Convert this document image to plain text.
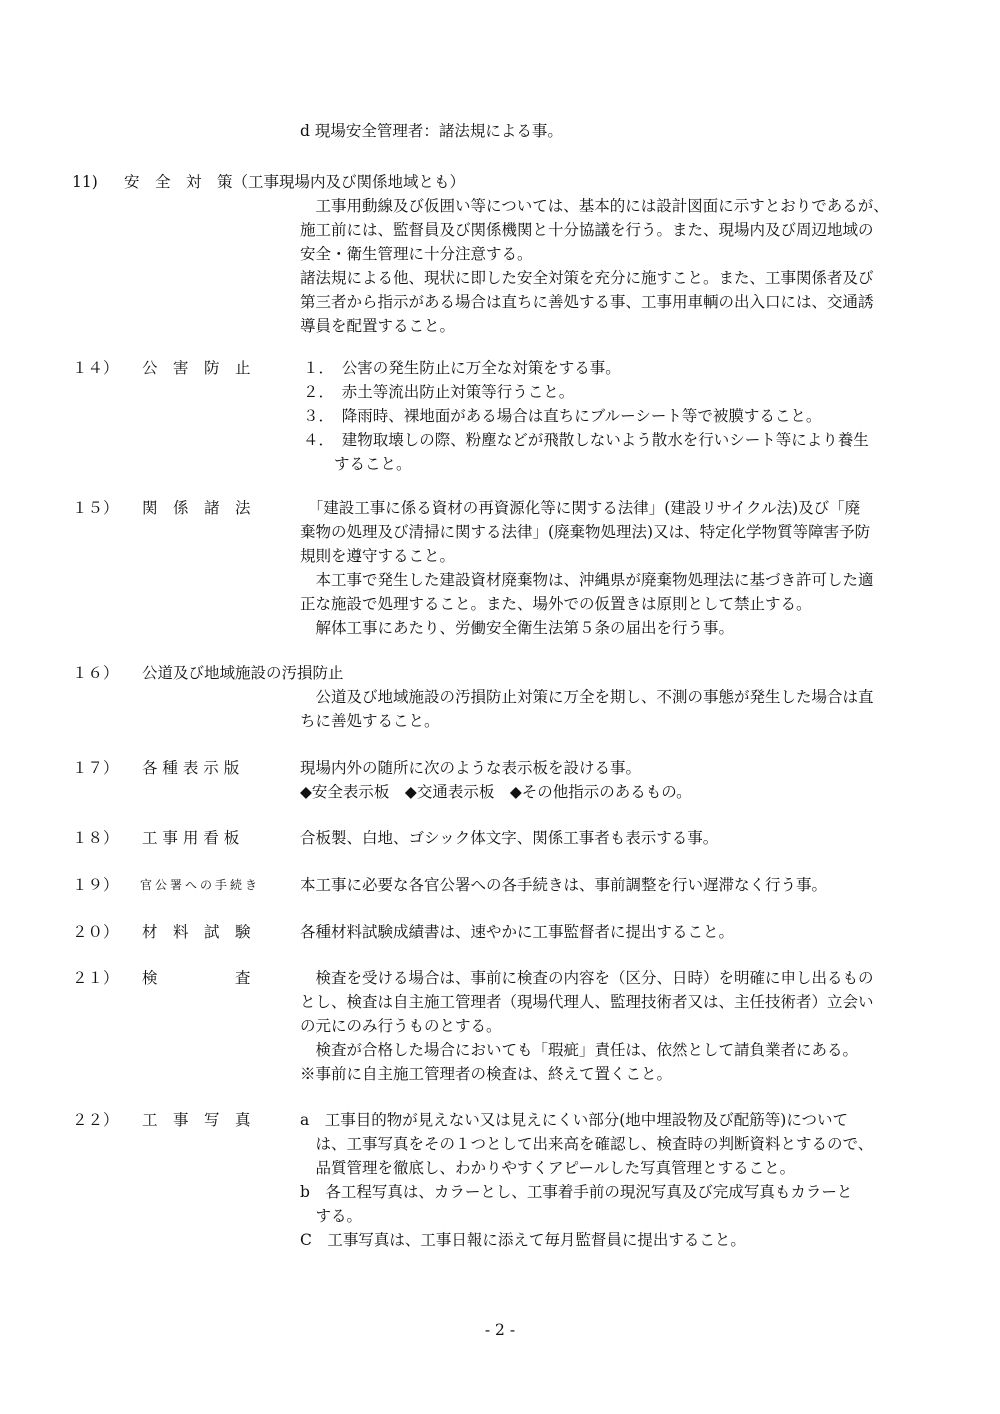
d 現場安全管理者：諸法規による事。
11) 安　全　対　策（工事現場内及び関係地域とも）
　工事用動線及び仮囲い等については、基本的には設計図面に示すとおりであるが、
施工前には、監督員及び関係機関と十分協議を行う。また、現場内及び周辺地域の
安全・衛生管理に十分注意する。
諸法規による他、現状に即した安全対策を充分に施すこと。また、工事関係者及び
第三者から指示がある場合は直ちに善処する事、工事用車輌の出入口には、交通誘
導員を配置すること。
１４） 公　害　防　止	１．　公害の発生防止に万全な対策をする事。
２．　赤土等流出防止対策等行うこと。
３．　降雨時、裸地面がある場合は直ちにブルーシート等で被膜すること。
４．　建物取壊しの際、粉塵などが飛散しないよう散水を行いシート等により養生
　　すること。
１５） 関　係　諸　法	　「建設工事に係る資材の再資源化等に関する法律」(建設リサイクル法)及び「廃
棄物の処理及び清掃に関する法律」(廃棄物処理法)又は、特定化学物質等障害予防
規則を遵守すること。
　本工事で発生した建設資材廃棄物は、沖縄県が廃棄物処理法に基づき許可した適
正な施設で処理すること。また、場外での仮置きは原則として禁止する。
　解体工事にあたり、労働安全衛生法第５条の届出を行う事。
１６） 公道及び地域施設の汚損防止
　公道及び地域施設の汚損防止対策に万全を期し、不測の事態が発生した場合は直
ちに善処すること。
１７） 各 種 表 示 版	現場内外の随所に次のような表示板を設ける事。
◆安全表示板　◆交通表示板　◆その他指示のあるもの。
１８） 工 事 用 看 板	合板製、白地、ゴシック体文字、関係工事者も表示する事。
１９） 官公署への手続き	本工事に必要な各官公署への各手続きは、事前調整を行い遅滞なく行う事。
２０） 材　料　試　験	各種材料試験成績書は、速やかに工事監督者に提出すること。
２１） 検　　　　　査	　検査を受ける場合は、事前に検査の内容を（区分、日時）を明確に申し出るもの
とし、検査は自主施工管理者（現場代理人、監理技術者又は、主任技術者）立会い
の元にのみ行うものとする。
　検査が合格した場合においても「瑕疵」責任は、依然として請負業者にある。
※事前に自主施工管理者の検査は、終えて置くこと。
２２） 工　事　写　真	a　工事目的物が見えない又は見えにくい部分(地中埋設物及び配筋等)について
　は、工事写真をその１つとして出来高を確認し、検査時の判断資料とするので、
　品質管理を徹底し、わかりやすくアピールした写真管理とすること。
b　各工程写真は、カラーとし、工事着手前の現況写真及び完成写真もカラーと
　する。
C　工事写真は、工事日報に添えて毎月監督員に提出すること。
- 2 -
